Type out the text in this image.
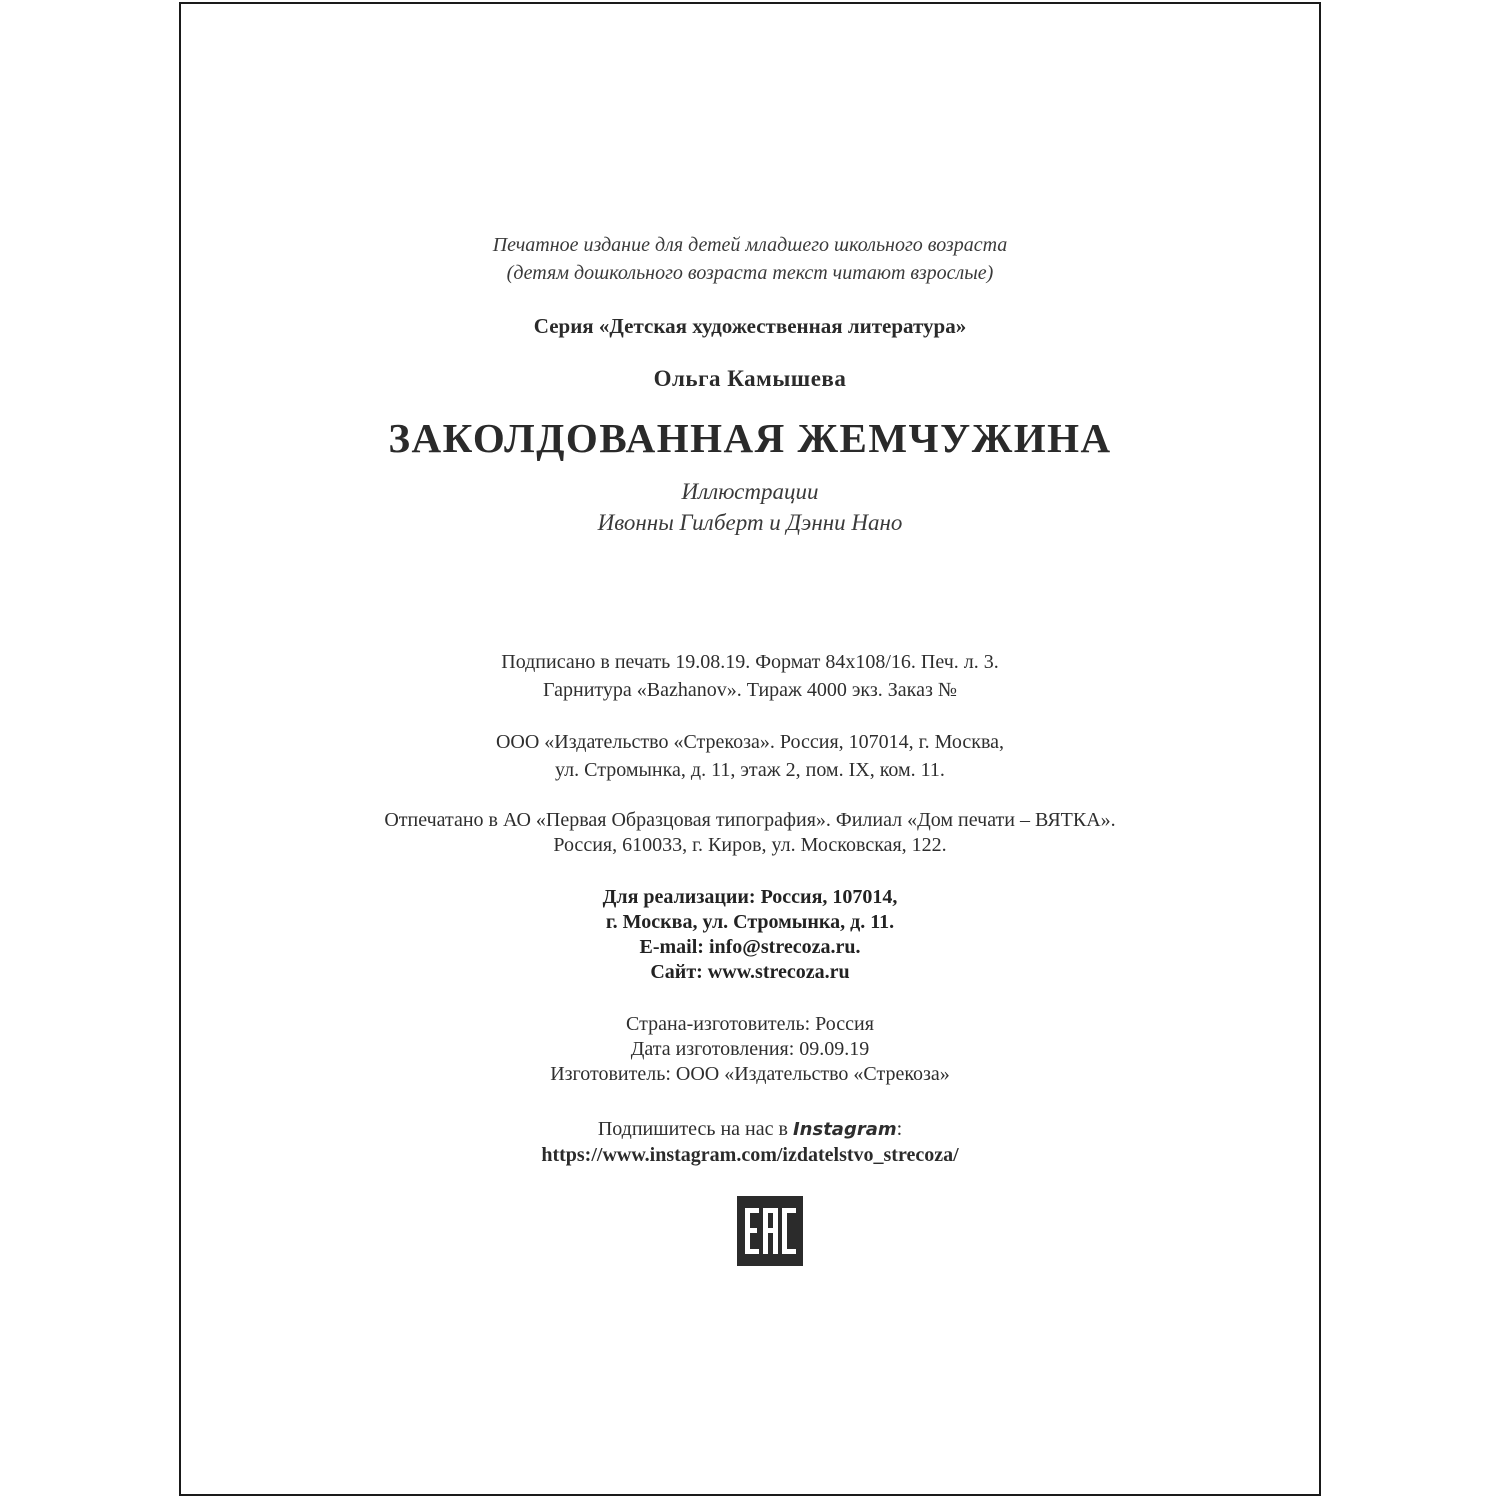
Печатное издание для детей младшего школьного возраста
(детям дошкольного возраста текст читают взрослые)
Серия «Детская художественная литература»
Ольга Камышева
ЗАКОЛДОВАННАЯ ЖЕМЧУЖИНА
Иллюстрации
Ивонны Гилберт и Дэнни Нано
Подписано в печать 19.08.19. Формат 84х108/16. Печ. л. 3.
Гарнитура «Bazhanov». Тираж 4000 экз. Заказ №
ООО «Издательство «Стрекоза». Россия, 107014, г. Москва,
ул. Стромынка, д. 11, этаж 2, пом. IX, ком. 11.
Отпечатано в АО «Первая Образцовая типография». Филиал «Дом печати – ВЯТКА».
Россия, 610033, г. Киров, ул. Московская, 122.
Для реализации: Россия, 107014,
г. Москва, ул. Стромынка, д. 11.
E-mail: info@strecoza.ru.
Сайт: www.strecoza.ru
Страна-изготовитель: Россия
Дата изготовления: 09.09.19
Изготовитель: ООО «Издательство «Стрекоза»
Подпишитесь на нас в Instagram:
https://www.instagram.com/izdatelstvo_strecoza/
